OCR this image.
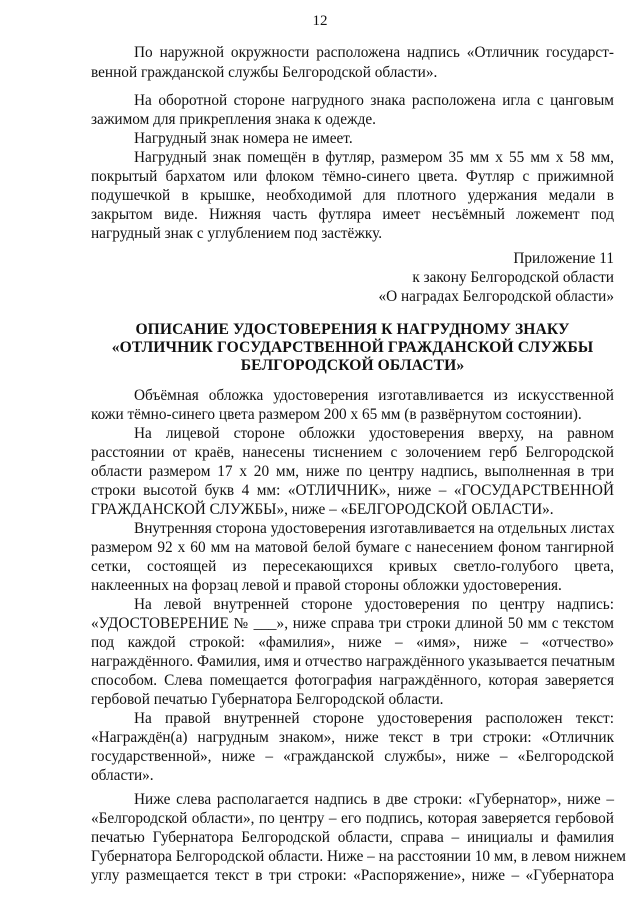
12
По наружной окружности расположена надпись «Отличник государст-
венной гражданской службы Белгородской области».
На оборотной стороне нагрудного знака расположена игла с цанговым
зажимом для прикрепления знака к одежде.
Нагрудный знак номера не имеет.
Нагрудный знак помещён в футляр, размером 35 мм х 55 мм х 58 мм,
покрытый бархатом или флоком тёмно-синего цвета. Футляр с прижимной
подушечкой в крышке, необходимой для плотного удержания медали в
закрытом виде. Нижняя часть футляра имеет несъёмный ложемент под
нагрудный знак с углублением под застёжку.
Приложение 11
к закону Белгородской области
«О наградах Белгородской области»
ОПИСАНИЕ УДОСТОВЕРЕНИЯ К НАГРУДНОМУ ЗНАКУ
«ОТЛИЧНИК ГОСУДАРСТВЕННОЙ ГРАЖДАНСКОЙ СЛУЖБЫ
БЕЛГОРОДСКОЙ ОБЛАСТИ»
Объёмная обложка удостоверения изготавливается из искусственной
кожи тёмно-синего цвета размером 200 х 65 мм (в развёрнутом состоянии).
На лицевой стороне обложки удостоверения вверху, на равном
расстоянии от краёв, нанесены тиснением с золочением герб Белгородской
области размером 17 х 20 мм, ниже по центру надпись, выполненная в три
строки высотой букв 4 мм: «ОТЛИЧНИК», ниже – «ГОСУДАРСТВЕННОЙ
ГРАЖДАНСКОЙ СЛУЖБЫ», ниже – «БЕЛГОРОДСКОЙ ОБЛАСТИ».
Внутренняя сторона удостоверения изготавливается на отдельных листах
размером 92 х 60 мм на матовой белой бумаге с нанесением фоном тангирной
сетки, состоящей из пересекающихся кривых светло-голубого цвета,
наклеенных на форзац левой и правой стороны обложки удостоверения.
На левой внутренней стороне удостоверения по центру надпись:
«УДОСТОВЕРЕНИЕ № ___», ниже справа три строки длиной 50 мм с текстом
под каждой строкой: «фамилия», ниже – «имя», ниже – «отчество»
награждённого. Фамилия, имя и отчество награждённого указывается печатным
способом. Слева помещается фотография награждённого, которая заверяется
гербовой печатью Губернатора Белгородской области.
На правой внутренней стороне удостоверения расположен текст:
«Награждён(а) нагрудным знаком», ниже текст в три строки: «Отличник
государственной», ниже – «гражданской службы», ниже – «Белгородской
области».
Ниже слева располагается надпись в две строки: «Губернатор», ниже –
«Белгородской области», по центру – его подпись, которая заверяется гербовой
печатью Губернатора Белгородской области, справа – инициалы и фамилия
Губернатора Белгородской области. Ниже – на расстоянии 10 мм, в левом нижнем
углу размещается текст в три строки: «Распоряжение», ниже – «Губернатора
